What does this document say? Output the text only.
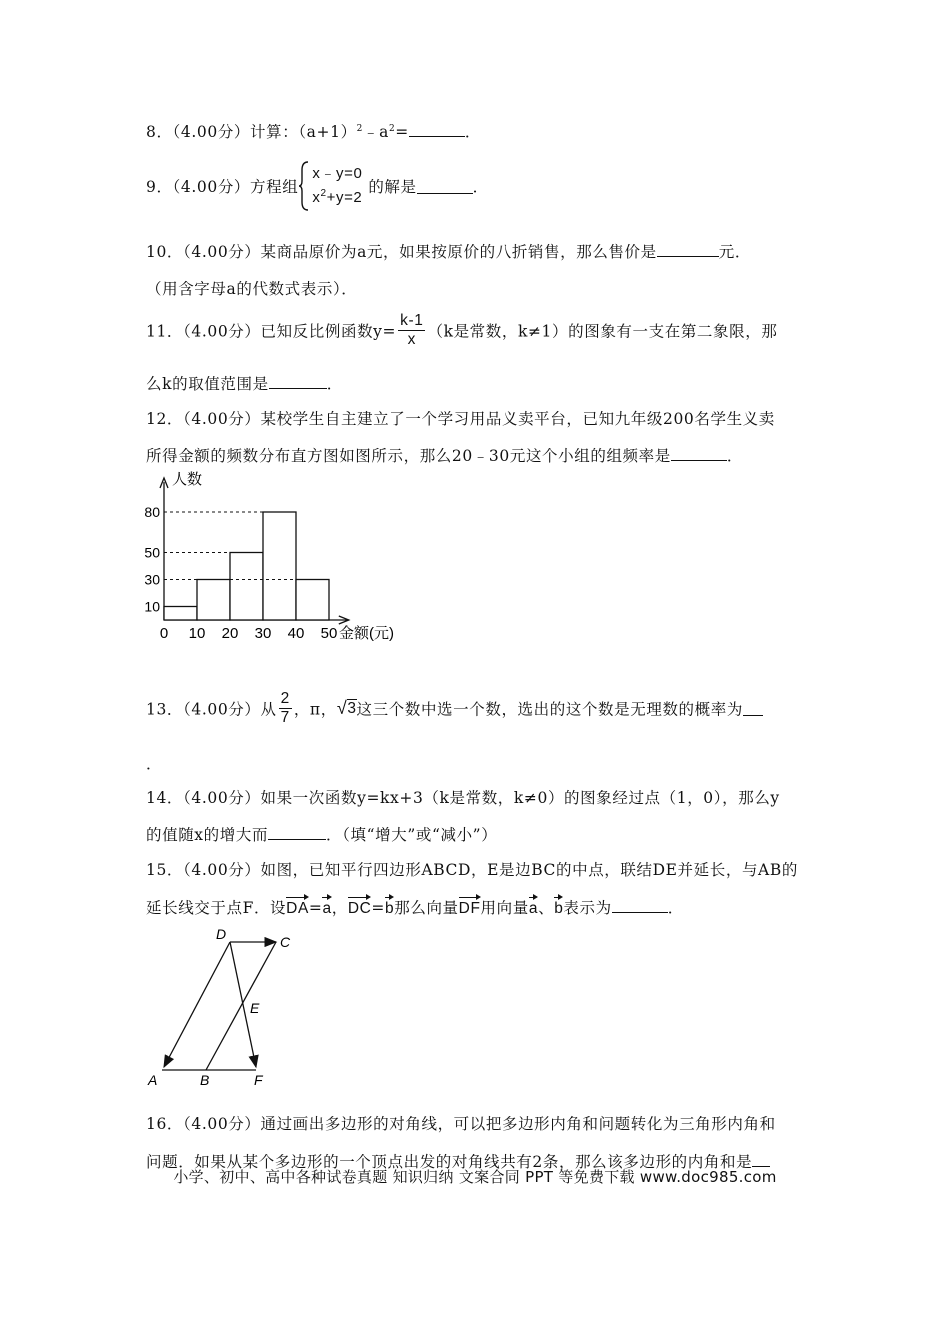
8．（4.00分）计算：$(a+1)^2﹣a^2=$	．
9．（4.00分）方程组
x﹣y=0
$x^2+y=2$
的解是	．
10．（4.00分）某商品原价为a元，如果按原价的八折销售，那么售价是	元．
（用含字母a的代数式表示）．
11．（4.00分）已知反比例函数$y= \frac{k-1}{x} (k$是常数，k≠1）的图象有一支在第二象限，那
么k的取值范围是	．
12．（4.00分）某校学生自主建立了一个学习用品义卖平台，已知九年级200名学生义卖
所得金额的频数分布直方图如图所示，那么20﹣30元这个小组的组频率是	．
人数
10
30
50
80
0 10 20 30 40 50 金额(元)
13．（4.00分）从 $\frac{2}{7}$ ，π，√3这三个数中选一个数，选出的这个数是无理数的概率为
．
14．（4.00分）如果一次函数y=kx+3（k是常数，k≠0）的图象经过点（1，0），那么y
的值随x的增大而	．（填“增大”或“减小”）
15．（4.00分）如图，已知平行四边形ABCD，E是边BC的中点，联结DE并延长，与AB的
延长线交于点F．设DA=a，DC=b那么向量DF用向量a、b表示为	．
D	C
E
A	B	F
16．（4.00分）通过画出多边形的对角线，可以把多边形内角和问题转化为三角形内角和
问题．如果从某个多边形的一个顶点出发的对角线共有2条，那么该多边形的内角和是
小学、初中、高中各种试卷真题 知识归纳 文案合同 PPT 等免费下载 www.doc985.com
